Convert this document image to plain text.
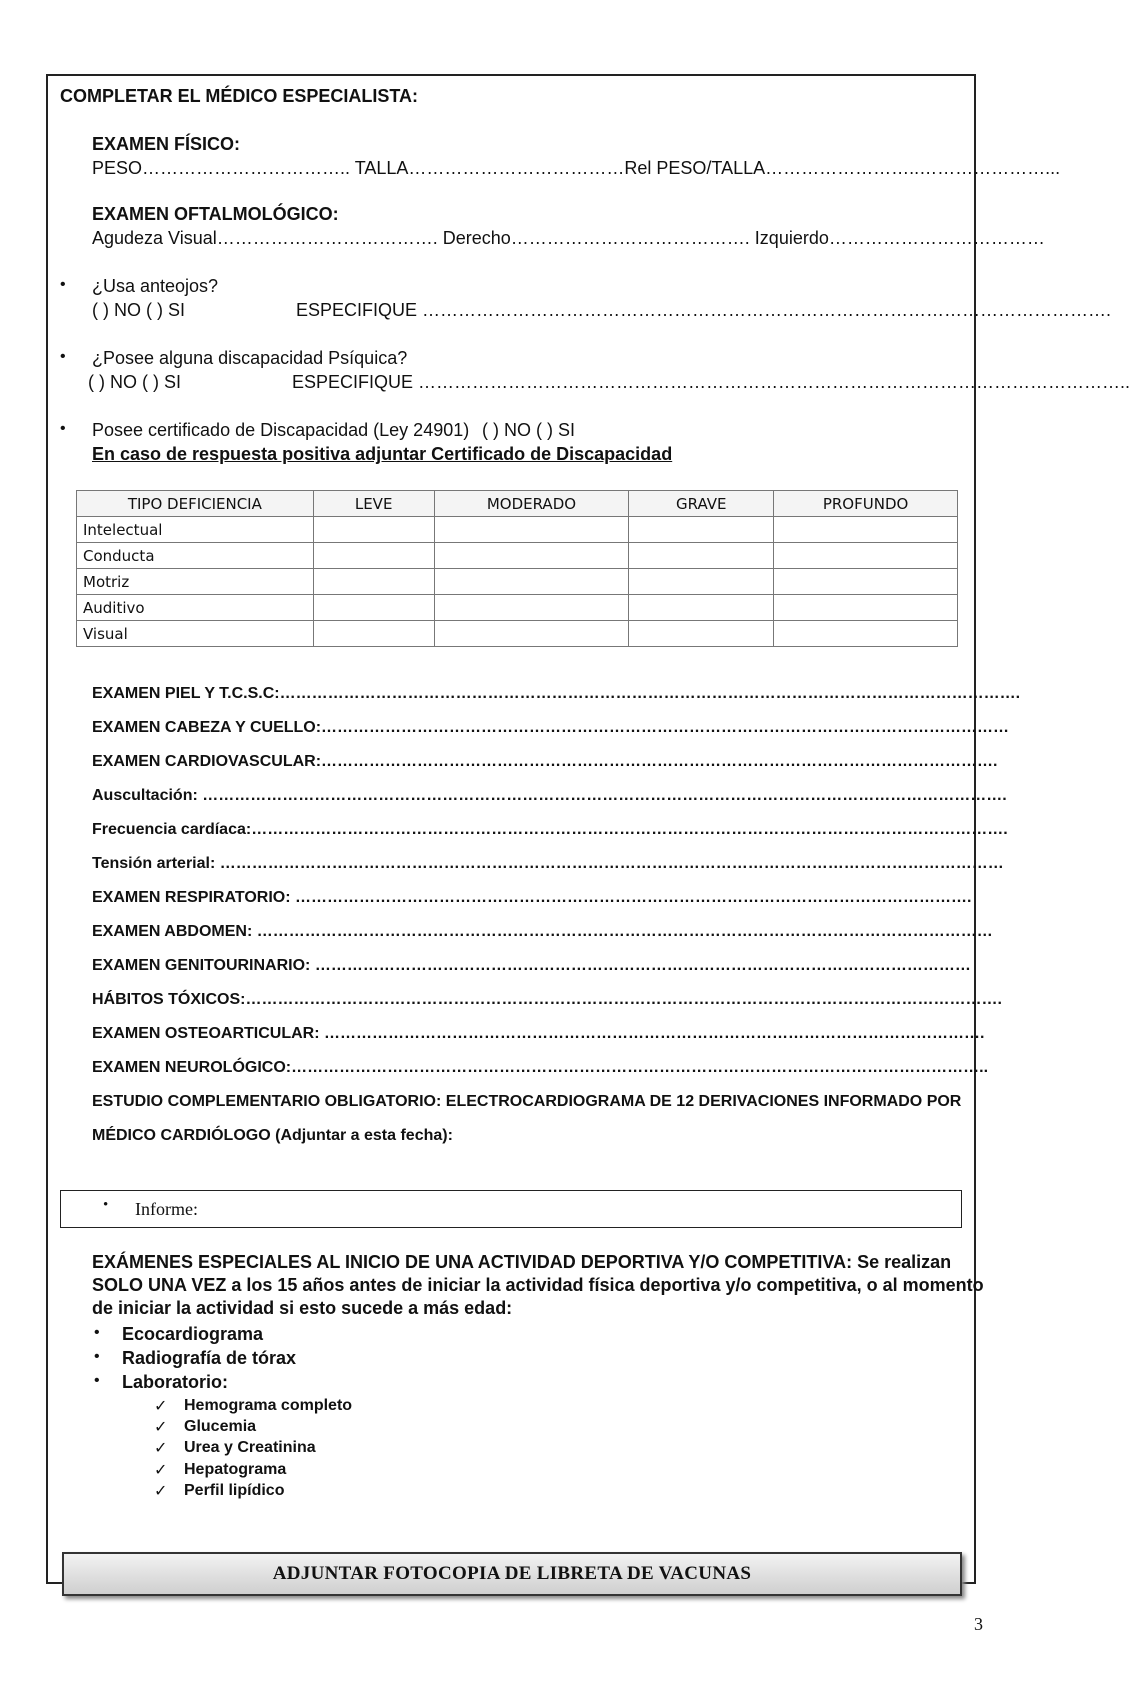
COMPLETAR EL MÉDICO ESPECIALISTA:
EXAMEN FÍSICO:
PESO…………………………….. TALLA………………………………Rel PESO/TALLA……………………..…………………...
EXAMEN OFTALMOLÓGICO:
Agudeza Visual………………………………. Derecho…………………………………. Izquierdo………………………………
• ¿Usa anteojos?
( ) NO ( ) SI	ESPECIFIQUE …………………………………………………………………………………………………….
• ¿Posee alguna discapacidad Psíquica?
( ) NO ( ) SI	ESPECIFIQUE ………………………………………………………………………………………………………..
• Posee certificado de Discapacidad (Ley 24901) ( ) NO ( ) SI
En caso de respuesta positiva adjuntar Certificado de Discapacidad
TIPO DEFICIENCIA	LEVE	MODERADO	GRAVE	PROFUNDO
Intelectual				
Conducta				
Motriz				
Auditivo				
Visual				
EXAMEN PIEL Y T.C.S.C:………………………………………………………………………………………………………………………….
EXAMEN CABEZA Y CUELLO:…………………………………………………………………………………………………………………
EXAMEN CARDIOVASCULAR:……………………………………………………………………………………………………………….
Auscultación: …………………………………………………………………………………………………………………………………….
Frecuencia cardíaca:…………………………………………………………………………………………………………………………….
Tensión arterial: …………………………………………………………………………………………………………………………………
EXAMEN RESPIRATORIO: ……………………………………………………………………………………………………………….
EXAMEN ABDOMEN: …………………………………………………………………………………………………………………………
EXAMEN GENITOURINARIO: ……………………………………………………………………………………………………………
HÁBITOS TÓXICOS:…………………………………………………………………………………………………………………………….
EXAMEN OSTEOARTICULAR: …………………………………………………………………………………………………………….
EXAMEN NEUROLÓGICO:…………………………………………………………………………………………………………………..
ESTUDIO COMPLEMENTARIO OBLIGATORIO: ELECTROCARDIOGRAMA DE 12 DERIVACIONES INFORMADO POR
MÉDICO CARDIÓLOGO (Adjuntar a esta fecha):
• Informe:
EXÁMENES ESPECIALES AL INICIO DE UNA ACTIVIDAD DEPORTIVA Y/O COMPETITIVA: Se realizan
SOLO UNA VEZ a los 15 años antes de iniciar la actividad física deportiva y/o competitiva, o al momento
de iniciar la actividad si esto sucede a más edad:
• Ecocardiograma
• Radiografía de tórax
• Laboratorio:
✓ Hemograma completo
✓ Glucemia
✓ Urea y Creatinina
✓ Hepatograma
✓ Perfil lipídico
ADJUNTAR FOTOCOPIA DE LIBRETA DE VACUNAS
3
